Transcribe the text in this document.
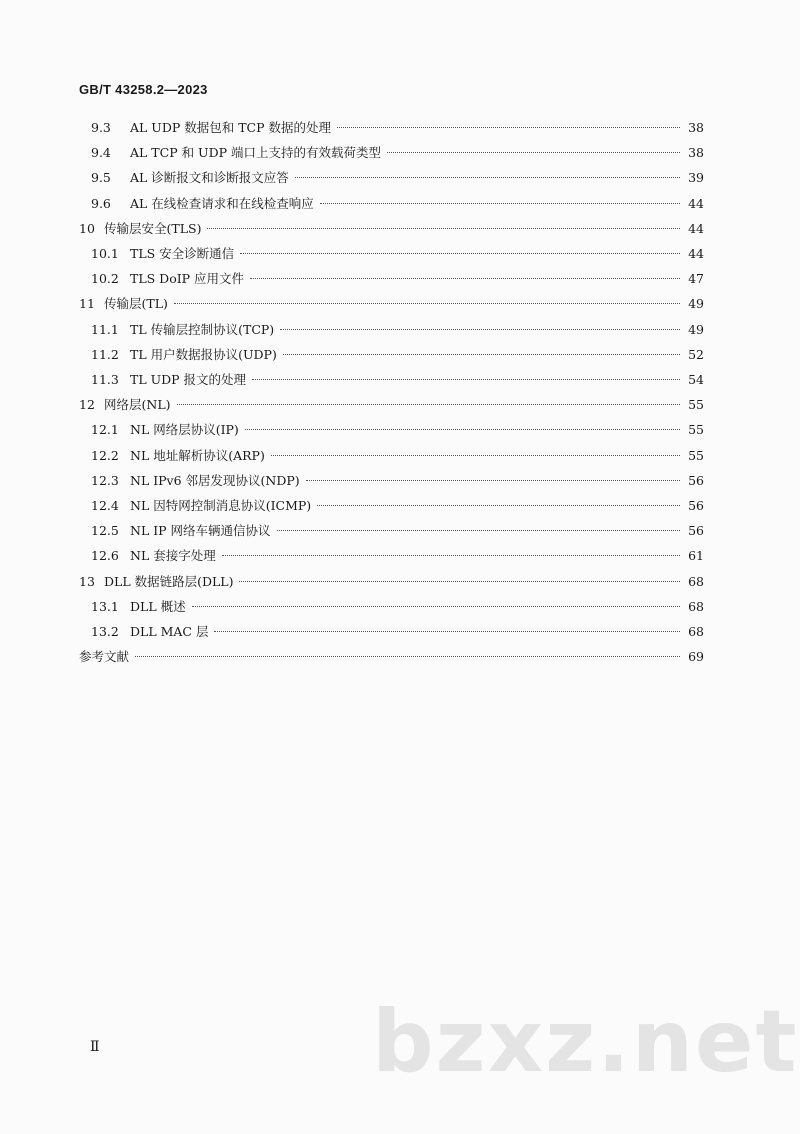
GB/T 43258.2—2023
9.3 AL UDP 数据包和 TCP 数据的处理	38
9.4 AL TCP 和 UDP 端口上支持的有效载荷类型	38
9.5 AL 诊断报文和诊断报文应答	39
9.6 AL 在线检查请求和在线检查响应	44
10 传输层安全(TLS)	44
10.1 TLS 安全诊断通信	44
10.2 TLS DoIP 应用文件	47
11 传输层(TL)	49
11.1 TL 传输层控制协议(TCP)	49
11.2 TL 用户数据报协议(UDP)	52
11.3 TL UDP 报文的处理	54
12 网络层(NL)	55
12.1 NL 网络层协议(IP)	55
12.2 NL 地址解析协议(ARP)	55
12.3 NL IPv6 邻居发现协议(NDP)	56
12.4 NL 因特网控制消息协议(ICMP)	56
12.5 NL IP 网络车辆通信协议	56
12.6 NL 套接字处理	61
13 DLL 数据链路层(DLL)	68
13.1 DLL 概述	68
13.2 DLL MAC 层	68
参考文献	69
Ⅱ	bzxz.net
